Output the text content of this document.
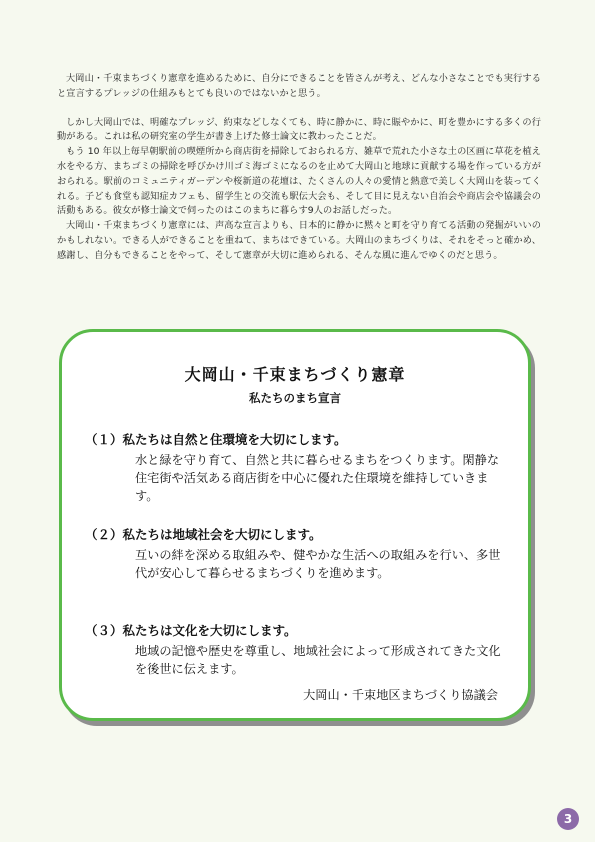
大岡山・千束まちづくり憲章を進めるために、自分にできることを皆さんが考え、どんな小さなことでも実行すると宣言するプレッジの仕組みもとても良いのではないかと思う。

しかし大岡山では、明確なプレッジ、約束などしなくても、時に静かに、時に賑やかに、町を豊かにする多くの行動がある。これは私の研究室の学生が書き上げた修士論文に教わったことだ。

もう 10 年以上毎早朝駅前の喫煙所から商店街を掃除しておられる方、雑草で荒れた小さな土の区画に草花を植え水をやる方、まちゴミの掃除を呼びかけ川ゴミ海ゴミになるのを止めて大岡山と地球に貢献する場を作っている方がおられる。駅前のコミュニティガーデンや桜新道の花壇は、たくさんの人々の愛情と熱意で美しく大岡山を装ってくれる。子ども食堂も認知症カフェも、留学生との交流も駅伝大会も、そして目に見えない自治会や商店会や協議会の活動もある。彼女が修士論文で伺ったのはこのまちに暮らす9人のお話しだった。

大岡山・千束まちづくり憲章には、声高な宣言よりも、日本的に静かに黙々と町を守り育てる活動の発掘がいいのかもしれない。できる人ができることを重ねて、まちはできている。大岡山のまちづくりは、それをそっと確かめ、感謝し、自分もできることをやって、そして憲章が大切に進められる、そんな風に進んでゆくのだと思う。

大岡山・千束まちづくり憲章
私たちのまち宣言
（１）私たちは自然と住環境を大切にします。
水と緑を守り育て、自然と共に暮らせるまちをつくります。閑静な住宅街や活気ある商店街を中心に優れた住環境を維持していきます。
（２）私たちは地域社会を大切にします。
互いの絆を深める取組みや、健やかな生活への取組みを行い、多世代が安心して暮らせるまちづくりを進めます。
（３）私たちは文化を大切にします。
地域の記憶や歴史を尊重し、地域社会によって形成されてきた文化を後世に伝えます。
大岡山・千束地区まちづくり協議会
3
